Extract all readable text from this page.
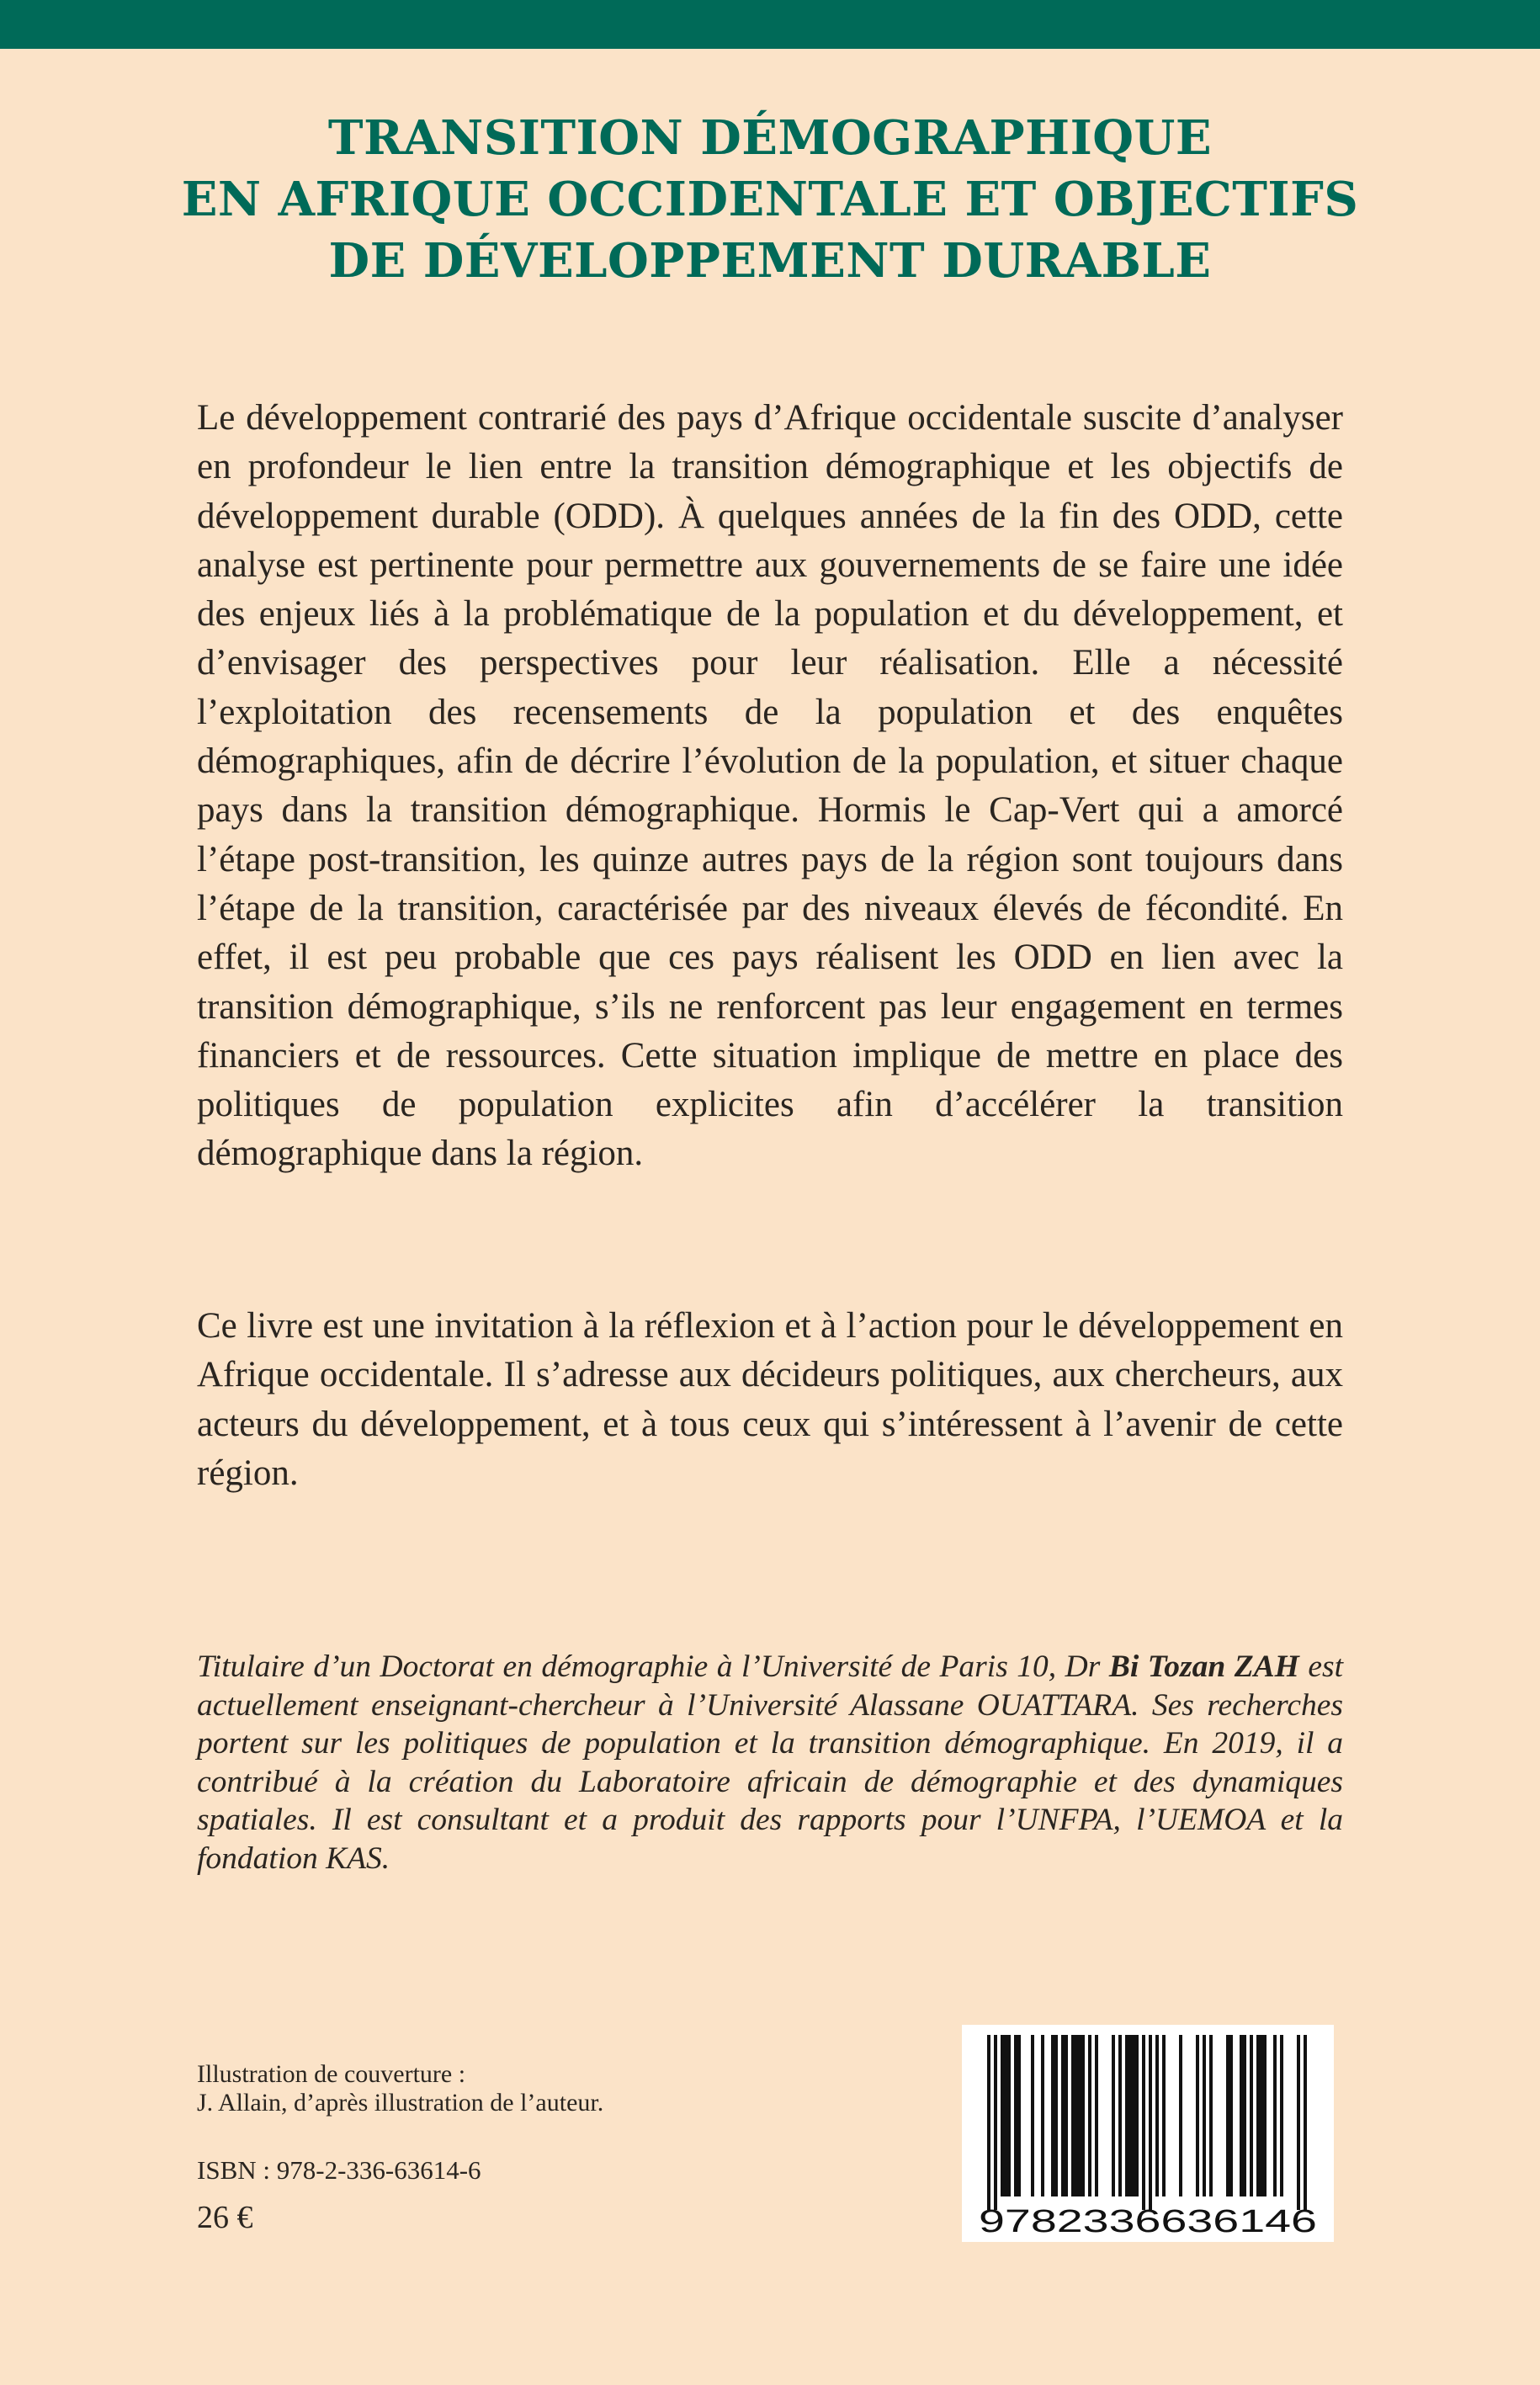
TRANSITION DÉMOGRAPHIQUE
EN AFRIQUE OCCIDENTALE ET OBJECTIFS
DE DÉVELOPPEMENT DURABLE

Le développement contrarié des pays d’Afrique occidentale suscite d’analyser en profondeur le lien entre la transition démographique et les objectifs de développement durable (ODD). À quelques années de la fin des ODD, cette analyse est pertinente pour permettre aux gouvernements de se faire une idée des enjeux liés à la problématique de la population et du développement, et d’envisager des perspectives pour leur réalisation. Elle a nécessité l’exploitation des recensements de la population et des enquêtes démographiques, afin de décrire l’évolution de la population, et situer chaque pays dans la transition démographique. Hormis le Cap-Vert qui a amorcé l’étape post-transition, les quinze autres pays de la région sont toujours dans l’étape de la transition, caractérisée par des niveaux élevés de fécondité. En effet, il est peu probable que ces pays réalisent les ODD en lien avec la transition démographique, s’ils ne renforcent pas leur engagement en termes financiers et de ressources. Cette situation implique de mettre en place des politiques de population explicites afin d’accélérer la transition démographique dans la région.

Ce livre est une invitation à la réflexion et à l’action pour le développement en Afrique occidentale. Il s’adresse aux décideurs politiques, aux chercheurs, aux acteurs du développement, et à tous ceux qui s’intéressent à l’avenir de cette région.

Titulaire d’un Doctorat en démographie à l’Université de Paris 10, Dr Bi Tozan ZAH est actuellement enseignant-chercheur à l’Université Alassane OUATTARA. Ses recherches portent sur les politiques de population et la transition démographique. En 2019, il a contribué à la création du Laboratoire africain de démographie et des dynamiques spatiales. Il est consultant et a produit des rapports pour l’UNFPA, l’UEMOA et la fondation KAS.

Illustration de couverture :
J. Allain, d’après illustration de l’auteur.
ISBN : 978-2-336-63614-6
26 €	9782336636146
